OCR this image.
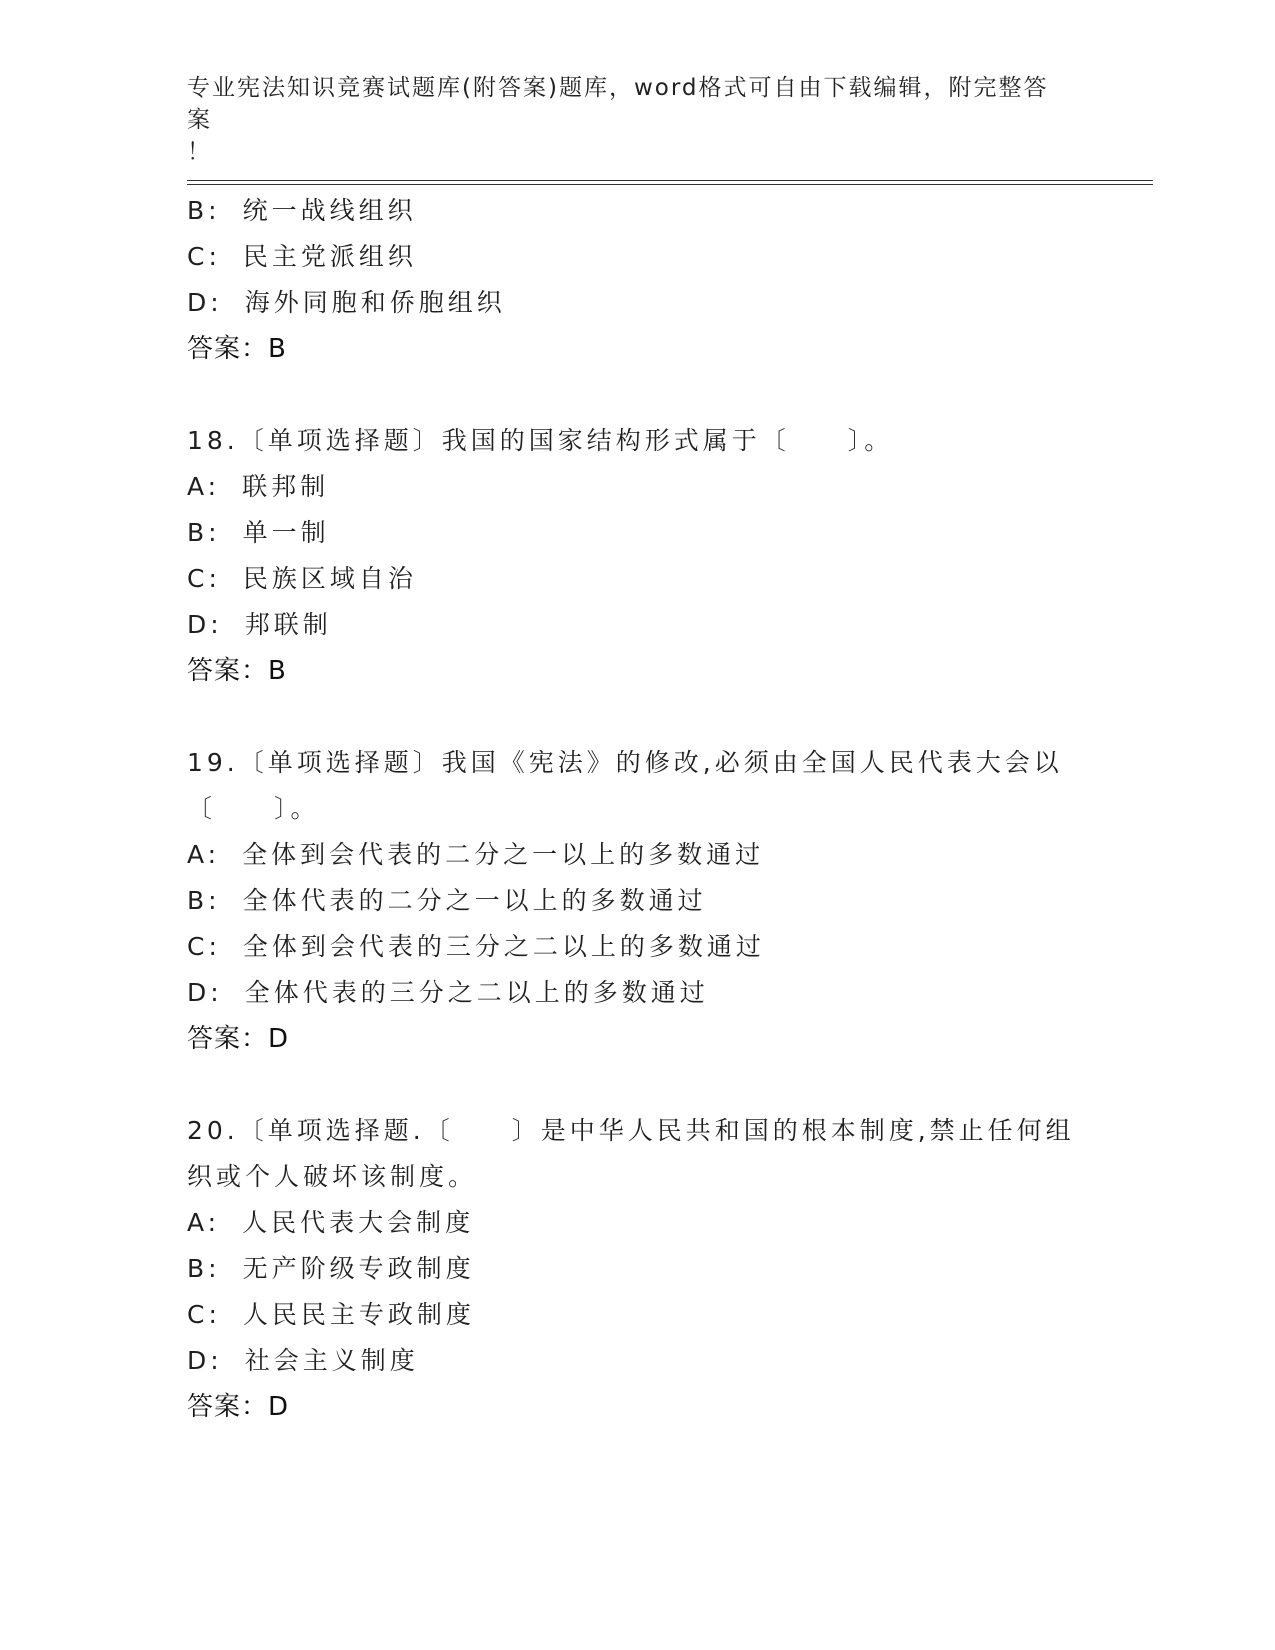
专业宪法知识竞赛试题库(附答案)题库，word格式可自由下载编辑，附完整答案
！
B: 统一战线组织
C: 民主党派组织
D: 海外同胞和侨胞组织
答案：B
18.〔单项选择题〕我国的国家结构形式属于〔　　〕。
A: 联邦制
B: 单一制
C: 民族区域自治
D: 邦联制
答案：B
19.〔单项选择题〕我国《宪法》的修改,必须由全国人民代表大会以
〔　　〕。
A: 全体到会代表的二分之一以上的多数通过
B: 全体代表的二分之一以上的多数通过
C: 全体到会代表的三分之二以上的多数通过
D: 全体代表的三分之二以上的多数通过
答案：D
20.〔单项选择题.〔　　〕是中华人民共和国的根本制度,禁止任何组
织或个人破坏该制度。
A: 人民代表大会制度
B: 无产阶级专政制度
C: 人民民主专政制度
D: 社会主义制度
答案：D
